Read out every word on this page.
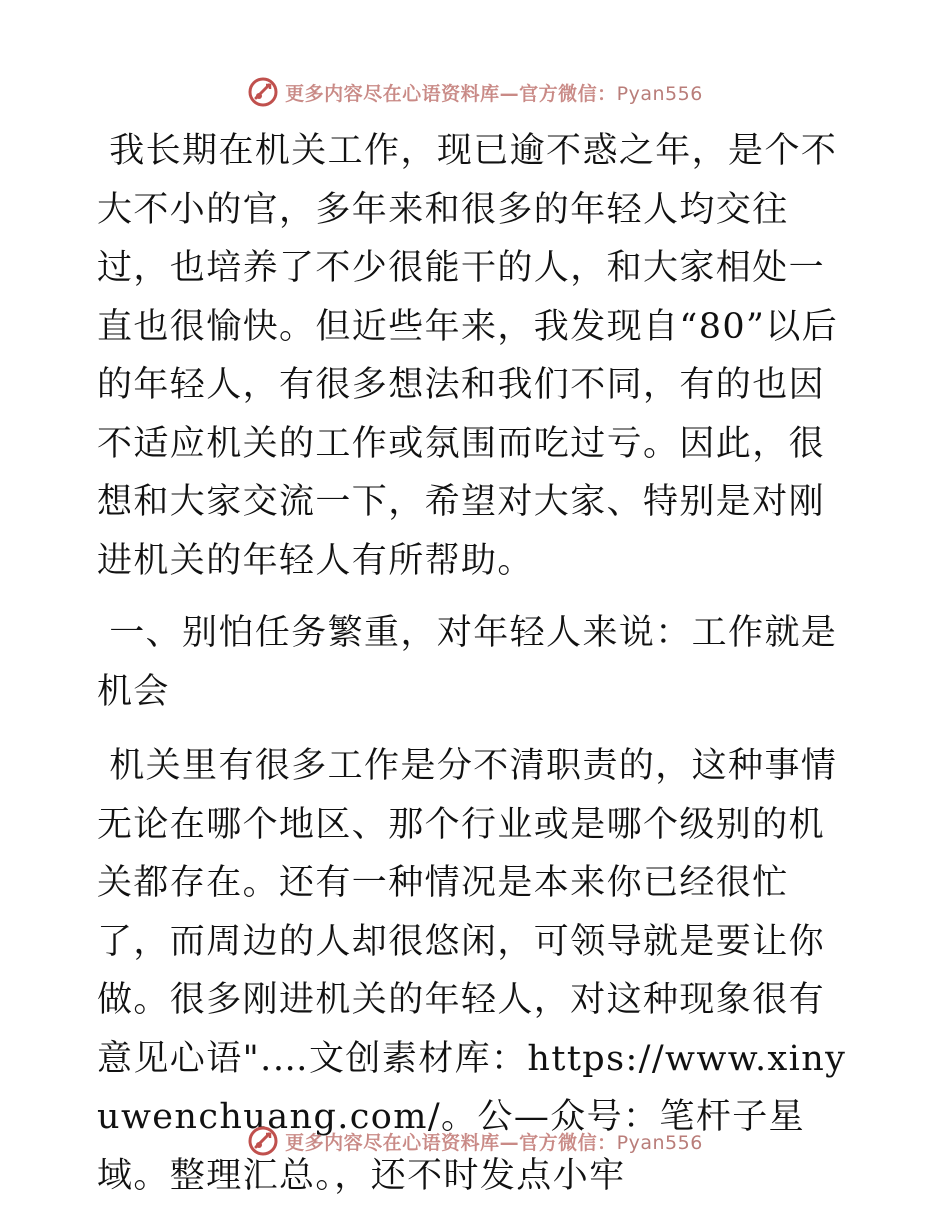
更多内容尽在心语资料库—官方微信：Pyan556

我长期在机关工作，现已逾不惑之年，是个不大不小的官，多年来和很多的年轻人均交往过，也培养了不少很能干的人，和大家相处一直也很愉快。但近些年来，我发现自“80”以后的年轻人，有很多想法和我们不同，有的也因不适应机关的工作或氛围而吃过亏。因此，很想和大家交流一下，希望对大家、特别是对刚进机关的年轻人有所帮助。

一、别怕任务繁重，对年轻人来说：工作就是机会

机关里有很多工作是分不清职责的，这种事情无论在哪个地区、那个行业或是哪个级别的机关都存在。还有一种情况是本来你已经很忙了，而周边的人却很悠闲，可领导就是要让你做。很多刚进机关的年轻人，对这种现象很有意见心语".…文创素材库：https://www.xinyuwenchuang.com/。公—众号：笔杆子星域。整理汇总。，还不时发点小牢

更多内容尽在心语资料库—官方微信：Pyan556
